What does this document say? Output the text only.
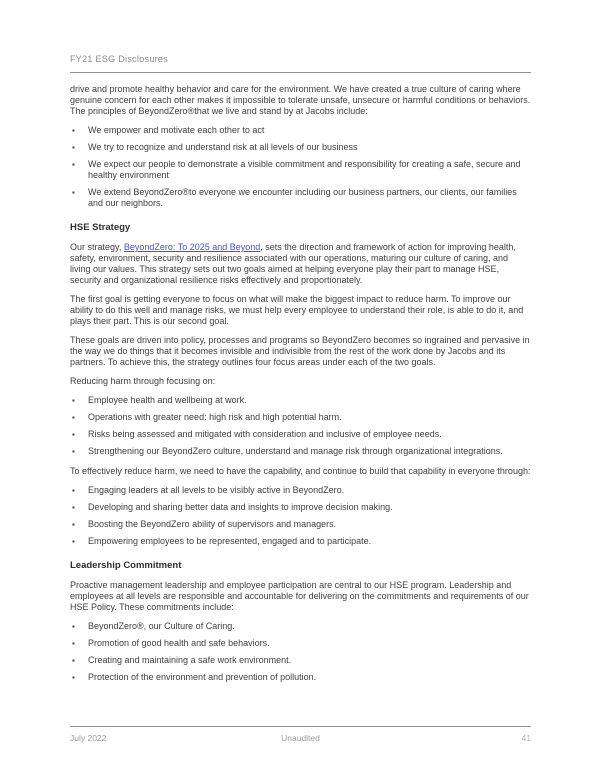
FY21 ESG Disclosures

drive and promote healthy behavior and care for the environment. We have created a true culture of caring where genuine concern for each other makes it impossible to tolerate unsafe, unsecure or harmful conditions or behaviors. The principles of BeyondZero®that we live and stand by at Jacobs include:

▪ We empower and motivate each other to act
▪ We try to recognize and understand risk at all levels of our business
▪ We expect our people to demonstrate a visible commitment and responsibility for creating a safe, secure and healthy environment
▪ We extend BeyondZero®to everyone we encounter including our business partners, our clients, our families and our neighbors.
HSE Strategy

Our strategy, BeyondZero: To 2025 and Beyond, sets the direction and framework of action for improving health, safety, environment, security and resilience associated with our operations, maturing our culture of caring, and living our values. This strategy sets out two goals aimed at helping everyone play their part to manage HSE, security and organizational resilience risks effectively and proportionately.

The first goal is getting everyone to focus on what will make the biggest impact to reduce harm. To improve our ability to do this well and manage risks, we must help every employee to understand their role, is able to do it, and plays their part. This is our second goal.

These goals are driven into policy, processes and programs so BeyondZero becomes so ingrained and pervasive in the way we do things that it becomes invisible and indivisible from the rest of the work done by Jacobs and its partners. To achieve this, the strategy outlines four focus areas under each of the two goals.

Reducing harm through focusing on:

▪ Employee health and wellbeing at work.
▪ Operations with greater need: high risk and high potential harm.
▪ Risks being assessed and mitigated with consideration and inclusive of employee needs.
▪ Strengthening our BeyondZero culture, understand and manage risk through organizational integrations.

To effectively reduce harm, we need to have the capability, and continue to build that capability in everyone through:

▪ Engaging leaders at all levels to be visibly active in BeyondZero.
▪ Developing and sharing better data and insights to improve decision making.
▪ Boosting the BeyondZero ability of supervisors and managers.
▪ Empowering employees to be represented, engaged and to participate.
Leadership Commitment

Proactive management leadership and employee participation are central to our HSE program. Leadership and employees at all levels are responsible and accountable for delivering on the commitments and requirements of our HSE Policy. These commitments include:

▪ BeyondZero®, our Culture of Caring.
▪ Promotion of good health and safe behaviors.
▪ Creating and maintaining a safe work environment.
▪ Protection of the environment and prevention of pollution.
July 2022	Unaudited	41
